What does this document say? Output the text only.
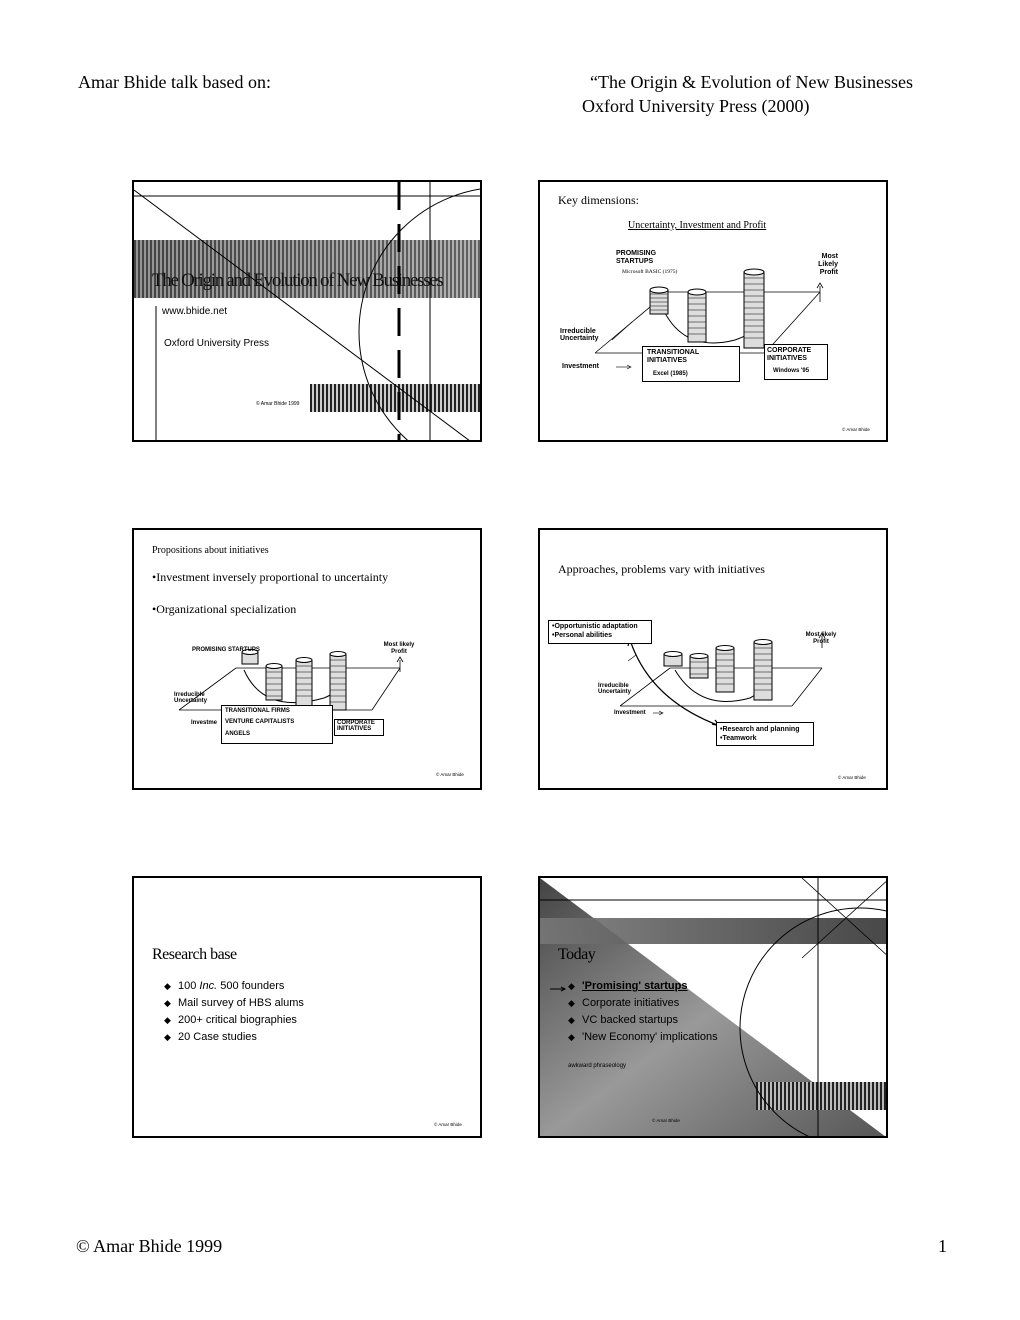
Amar Bhide talk based on:	“The Origin & Evolution of New Businesses
Oxford University Press (2000)
The Origin and Evolution of New Businesses
www.bhide.net
Oxford University Press
© Amar Bhide 1999
Key dimensions:
Uncertainty, Investment and Profit
PROMISING STARTUPS
Microsoft BASIC (1975)
Most Likely Profit
Irreducible Uncertainty
Investment
TRANSITIONAL INITIATIVES
Excel (1985)
CORPORATE INITIATIVES
Windows '95
© Amar Bhide
Propositions about initiatives
•Investment inversely proportional to uncertainty
•Organizational specialization
PROMISING STARTUPS
Most likely Profit
Irreducible Uncertainty
Investme
TRANSITIONAL FIRMS
VENTURE CAPITALISTS
ANGELS
CORPORATE INITIATIVES
© Amar Bhide
Approaches, problems vary with initiatives
•Opportunistic adaptation
•Personal abilities	Most likely Profit
Irreducible Uncertainty
Investment
•Research and planning
•Teamwork
© Amar Bhide
Research base
◆ 100 Inc. 500 founders
◆ Mail survey of HBS alums
◆ 200+ critical biographies
◆ 20 Case studies
© Amar Bhide
Today
◆ 'Promising' startups
◆ Corporate initiatives
◆ VC backed startups
◆ 'New Economy' implications
awkward phraseology
© Amar Bhide
© Amar Bhide 1999	1
